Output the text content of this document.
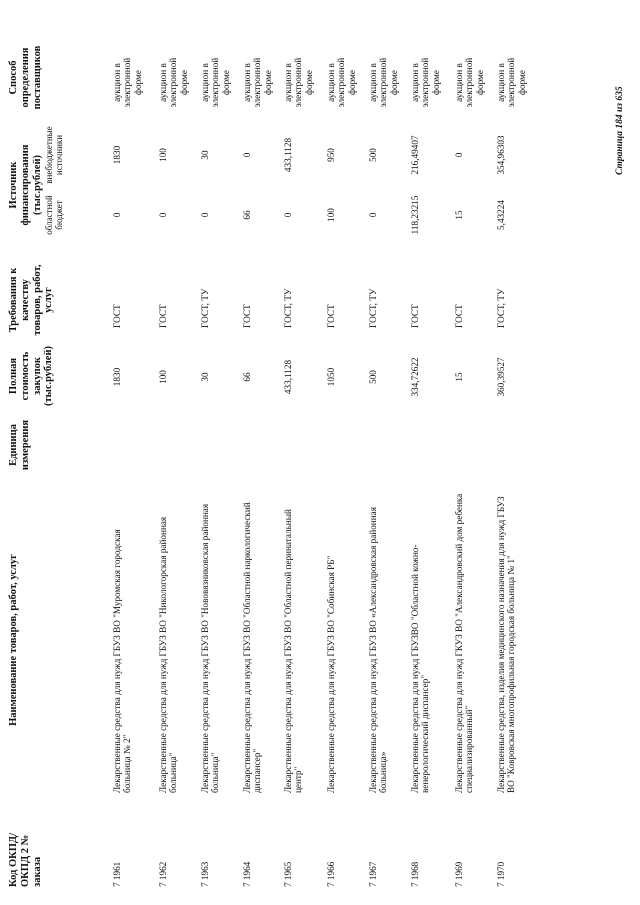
Код ОКПД/ ОКПД 2 № заказа
Наименование товаров, работ, услуг
Единица измерения
Полная стоимость закупок (тыс.рублей)
Требования к качеству товаров, работ, услуг
Источник финансирования (тыс.рублей) областной бюджет
внебюджетные источники
Способ определения поставщиков
7 1961
Лекарственные средства для нужд ГБУЗ ВО "Муромская городская больница № 2"
1830
ГОСТ
0
1830
аукцион в электронной форме
7 1962
Лекарственные средства для нужд ГБУЗ ВО "Никологорская районная больница"
100
ГОСТ
0
100
аукцион в электронной форме
7 1963
Лекарственные средства для нужд ГБУЗ ВО "Нововязниковская районная больница"
30
ГОСТ, ТУ
0
30
аукцион в электронной форме
7 1964
Лекарственные средства для нужд ГБУЗ ВО "Областной наркологический диспансер"
66
ГОСТ
66
0
аукцион в электронной форме
7 1965
Лекарственные средства для нужд ГБУЗ ВО "Областной перинатальный центр"
433,1128
ГОСТ, ТУ
0
433,1128
аукцион в электронной форме
7 1966
Лекарственные средства для нужд ГБУЗ ВО "Собинская РБ"
1050
ГОСТ
100
950
аукцион в электронной форме
7 1967
Лекарственные средства для нужд ГБУЗ ВО «Александровская районная больница»
500
ГОСТ, ТУ
0
500
аукцион в электронной форме
7 1968
Лекарственные средства для нужд ГБУЗВО "Областной кожно-венерологический диспансер"
334,72622
ГОСТ
118,23215
216,49407
аукцион в электронной форме
7 1969
Лекарственные средства для нужд ГКУЗ ВО "Александровский дом ребенка специализированный"
15
ГОСТ
15
0
аукцион в электронной форме
7 1970
Лекарственные средства, изделия медицинского назначения для нужд ГБУЗ ВО "Ковровская многопрофильная городская больница № 1"
360,39527
ГОСТ, ТУ
5,43224
354,96303
аукцион в электронной форме
Страница 184 из 635
